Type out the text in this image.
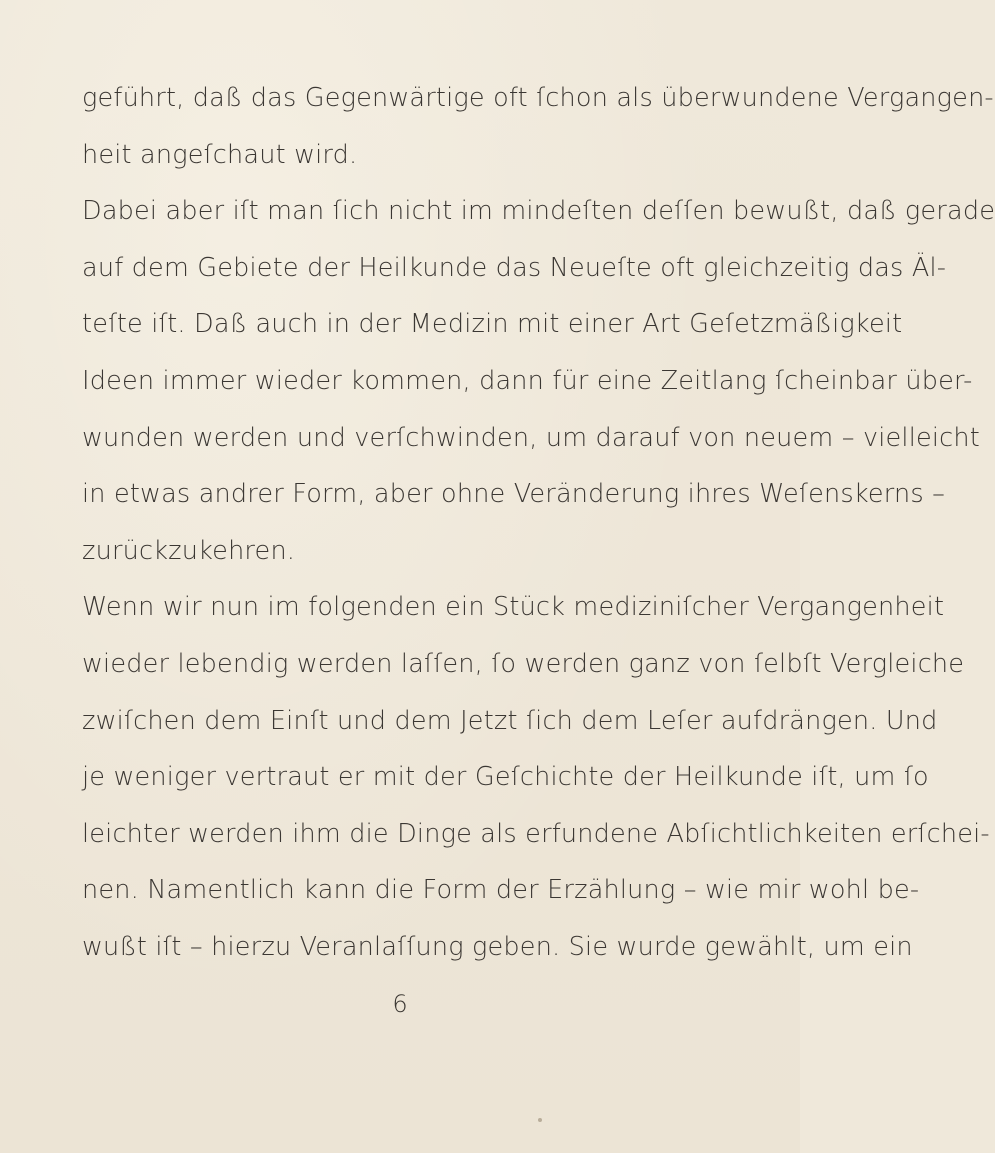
geführt, daß das Gegenwärtige oft ſchon als überwundene Vergangen-
heit angeſchaut wird.
Dabei aber iſt man ſich nicht im mindeſten deſſen bewußt, daß gerade
auf dem Gebiete der Heilkunde das Neueſte oft gleichzeitig das Äl-
teſte iſt. Daß auch in der Medizin mit einer Art Geſetzmäßigkeit
Ideen immer wieder kommen, dann für eine Zeitlang ſcheinbar über-
wunden werden und verſchwinden, um darauf von neuem – vielleicht
in etwas andrer Form, aber ohne Veränderung ihres Weſenskerns –
zurückzukehren.
Wenn wir nun im folgenden ein Stück mediziniſcher Vergangenheit
wieder lebendig werden laſſen, ſo werden ganz von ſelbſt Vergleiche
zwiſchen dem Einſt und dem Jetzt ſich dem Leſer aufdrängen. Und
je weniger vertraut er mit der Geſchichte der Heilkunde iſt, um ſo
leichter werden ihm die Dinge als erfundene Abſichtlichkeiten erſchei-
nen. Namentlich kann die Form der Erzählung – wie mir wohl be-
wußt iſt – hierzu Veranlaſſung geben. Sie wurde gewählt, um ein
6
